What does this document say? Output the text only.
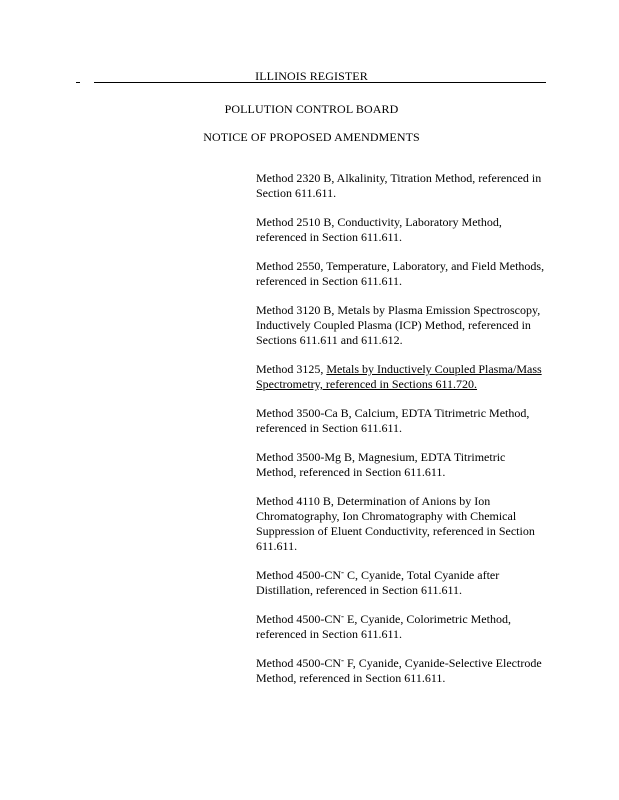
ILLINOIS REGISTER
POLLUTION CONTROL BOARD
NOTICE OF PROPOSED AMENDMENTS
Method 2320 B, Alkalinity, Titration Method, referenced in Section 611.611.
Method 2510 B, Conductivity, Laboratory Method, referenced in Section 611.611.
Method 2550, Temperature, Laboratory, and Field Methods, referenced in Section 611.611.
Method 3120 B, Metals by Plasma Emission Spectroscopy, Inductively Coupled Plasma (ICP) Method, referenced in Sections 611.611 and 611.612.
Method 3125, Metals by Inductively Coupled Plasma/Mass Spectrometry, referenced in Sections 611.720.
Method 3500-Ca B, Calcium, EDTA Titrimetric Method, referenced in Section 611.611.
Method 3500-Mg B, Magnesium, EDTA Titrimetric Method, referenced in Section 611.611.
Method 4110 B, Determination of Anions by Ion Chromatography, Ion Chromatography with Chemical Suppression of Eluent Conductivity, referenced in Section 611.611.
Method 4500-CN- C, Cyanide, Total Cyanide after Distillation, referenced in Section 611.611.
Method 4500-CN- E, Cyanide, Colorimetric Method, referenced in Section 611.611.
Method 4500-CN- F, Cyanide, Cyanide-Selective Electrode Method, referenced in Section 611.611.
